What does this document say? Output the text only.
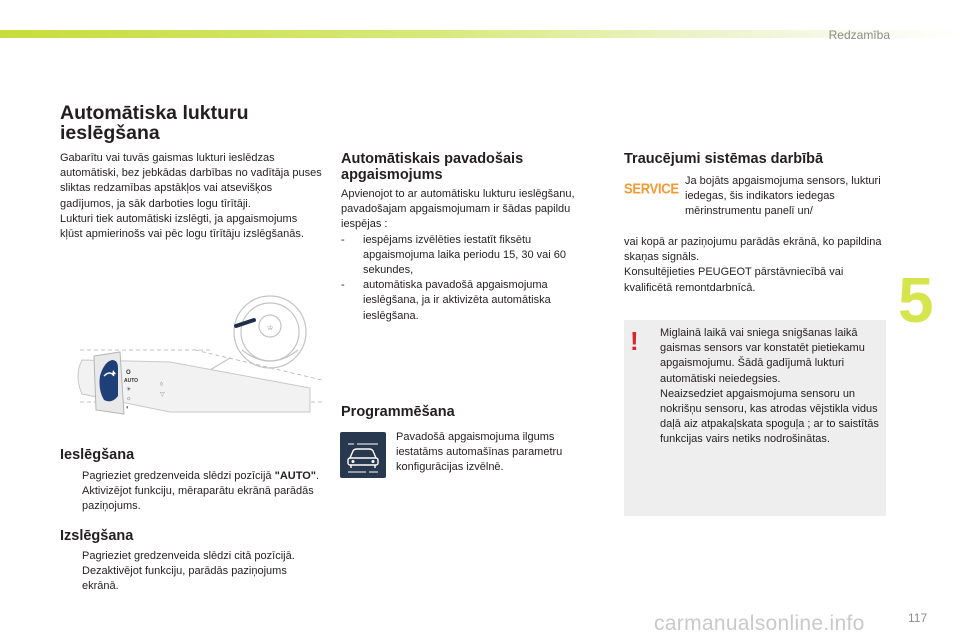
Redzamība
5
117
carmanualsonline.info
Automātiska lukturu ieslēgšana

Gabarītu vai tuvās gaismas lukturi ieslēdzas automātiski, bez jebkādas darbības no vadītāja puses sliktas redzamības apstākļos vai atsevišķos gadījumos, ja sāk darboties logu tīrītāji.

Lukturi tiek automātiski izslēgti, ja apgaismojums kļūst apmierinošs vai pēc logu tīrītāju izslēgšanās.

♔
O
AUTO
☀
☼
◐
◊
▽
Ieslēgšana
Pagrieziet gredzenveida slēdzi pozīcijā "AUTO". Aktivizējot funkciju, mēraparātu ekrānā parādās paziņojums.
Izslēgšana
Pagrieziet gredzenveida slēdzi citā pozīcijā. Dezaktivējot funkciju, parādās paziņojums ekrānā.
Automātiskais pavadošais apgaismojums

Apvienojot to ar automātisku lukturu ieslēgšanu, pavadošajam apgaismojumam ir šādas papildu iespējas :

- iespējams izvēlēties iestatīt fiksētu apgaismojuma laika periodu 15, 30 vai 60 sekundes,
- automātiska pavadošā apgaismojuma ieslēgšana, ja ir aktivizēta automātiska ieslēgšana.
Programmēšana
Pavadošā apgaismojuma ilgums iestatāms automašīnas parametru konfigurācijas izvēlnē.
Traucējumi sistēmas darbībā
SERVICE Ja bojāts apgaismojuma sensors, lukturi iedegas, šis indikators iedegas mērinstrumentu panelī un/

vai kopā ar paziņojumu parādās ekrānā, ko papildina skaņas signāls.

Konsultējieties PEUGEOT pārstāvniecībā vai kvalificētā remontdarbnīcā.

! Miglainā laikā vai sniega snigšanas laikā gaismas sensors var konstatēt pietiekamu apgaismojumu. Šādā gadījumā lukturi automātiski neiedegsies.

Neaizsedziet apgaismojuma sensoru un nokrišņu sensoru, kas atrodas vējstikla vidus daļā aiz atpakaļskata spoguļa ; ar to saistītās funkcijas vairs netiks nodrošinātas.
